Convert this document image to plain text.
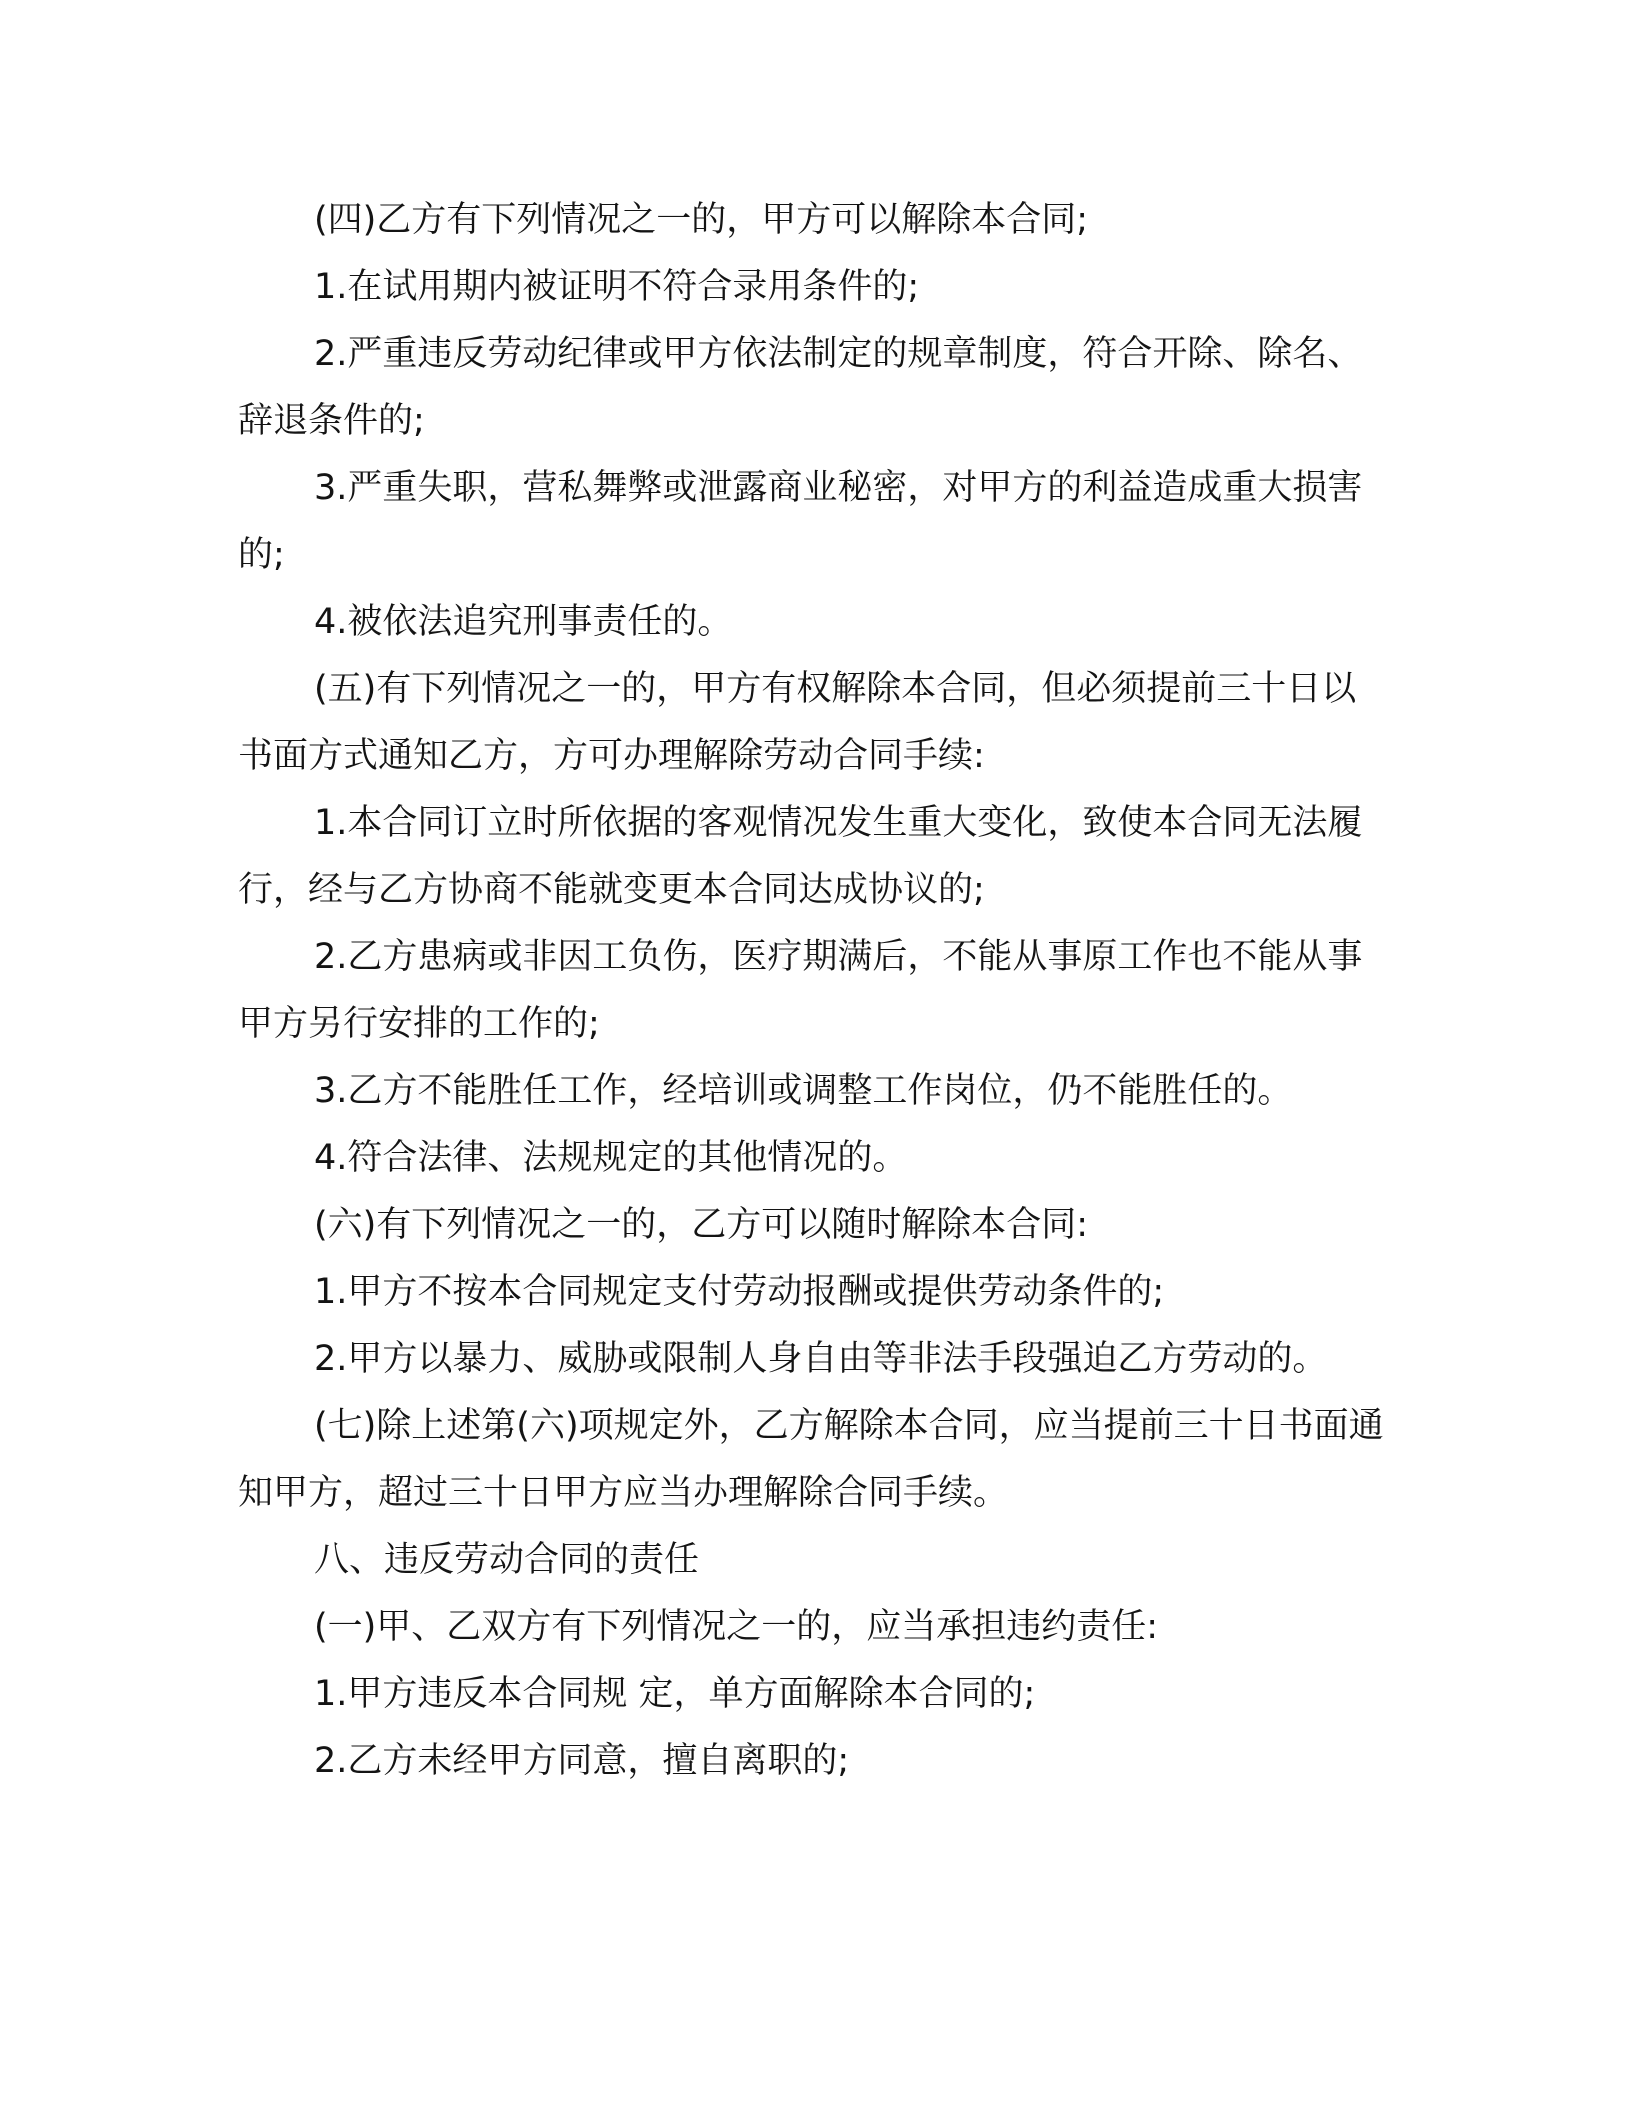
(四)乙方有下列情况之一的，甲方可以解除本合同;

1.在试用期内被证明不符合录用条件的;

2.严重违反劳动纪律或甲方依法制定的规章制度，符合开除、除名、辞退条件的;

3.严重失职，营私舞弊或泄露商业秘密，对甲方的利益造成重大损害的;

4.被依法追究刑事责任的。

(五)有下列情况之一的，甲方有权解除本合同，但必须提前三十日以书面方式通知乙方，方可办理解除劳动合同手续:

1.本合同订立时所依据的客观情况发生重大变化，致使本合同无法履行，经与乙方协商不能就变更本合同达成协议的;

2.乙方患病或非因工负伤，医疗期满后，不能从事原工作也不能从事甲方另行安排的工作的;

3.乙方不能胜任工作，经培训或调整工作岗位，仍不能胜任的。

4.符合法律、法规规定的其他情况的。

(六)有下列情况之一的，乙方可以随时解除本合同:

1.甲方不按本合同规定支付劳动报酬或提供劳动条件的;

2.甲方以暴力、威胁或限制人身自由等非法手段强迫乙方劳动的。

(七)除上述第(六)项规定外，乙方解除本合同，应当提前三十日书面通知甲方，超过三十日甲方应当办理解除合同手续。

八、违反劳动合同的责任

(一)甲、乙双方有下列情况之一的，应当承担违约责任:

1.甲方违反本合同规 定，单方面解除本合同的;

2.乙方未经甲方同意，擅自离职的;
